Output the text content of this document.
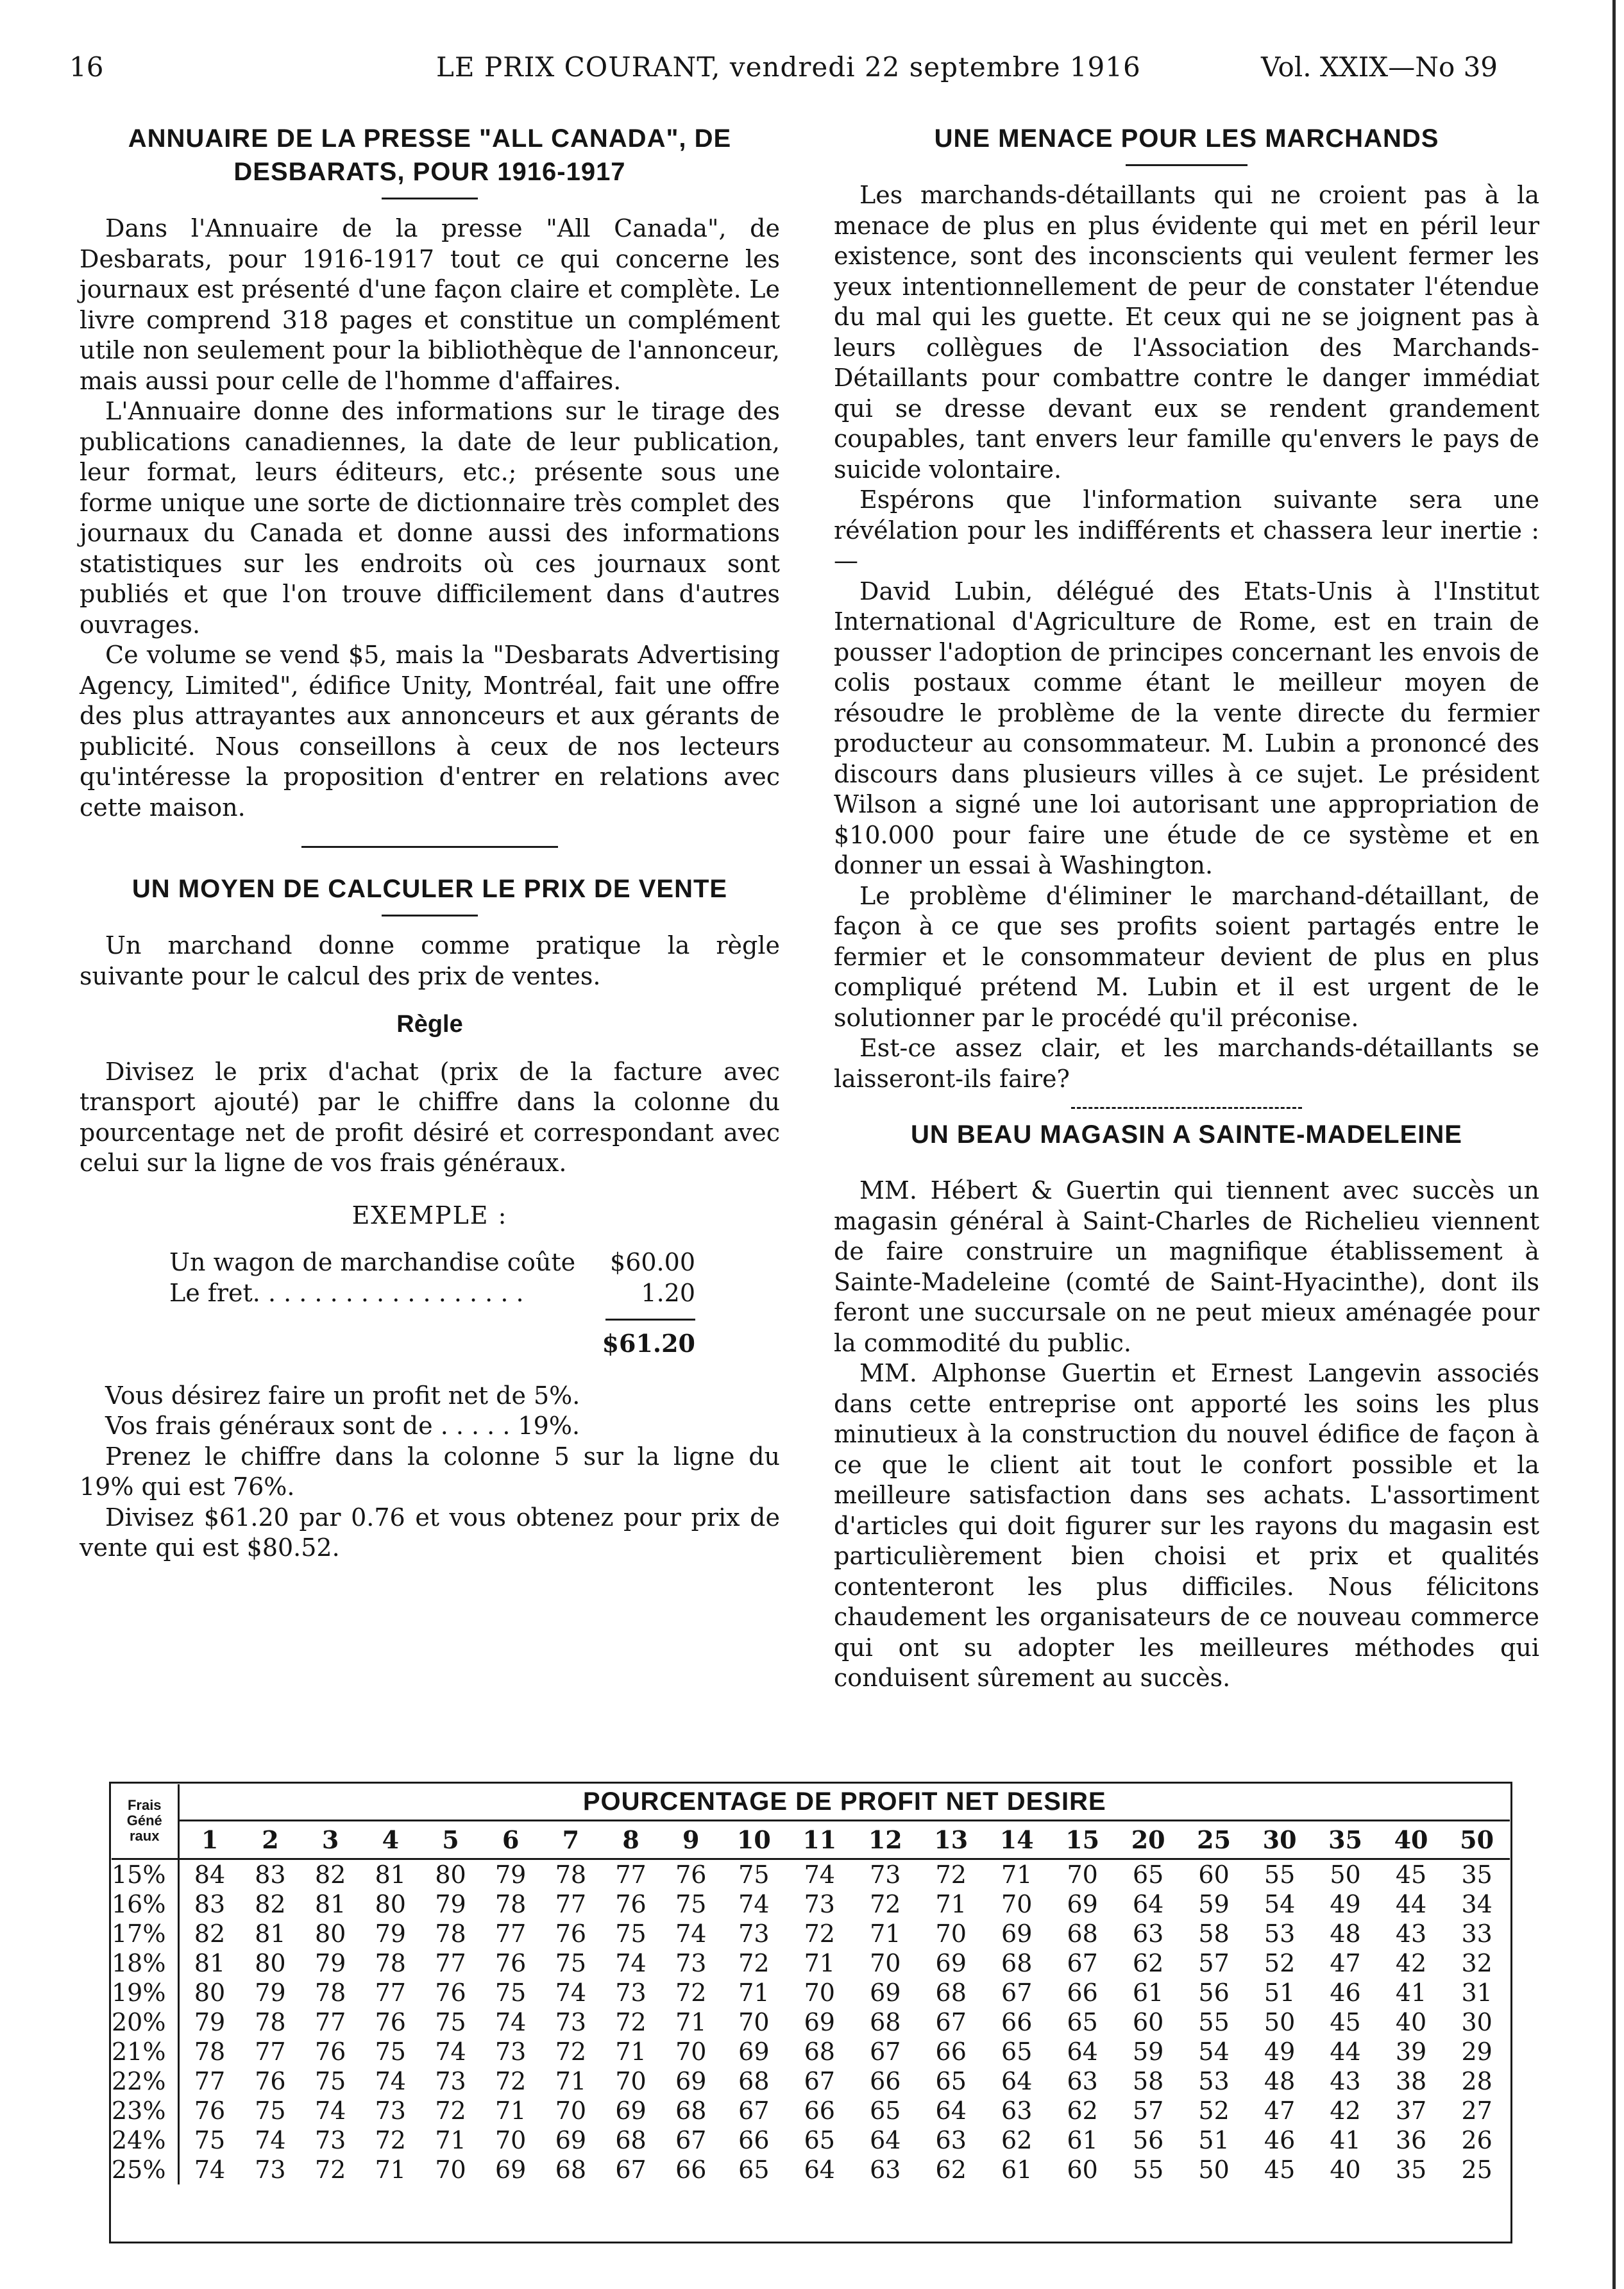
16	LE PRIX COURANT, vendredi 22 septembre 1916	Vol. XXIX—No 39
ANNUAIRE DE LA PRESSE "ALL CANADA", DE
DESBARATS, POUR 1916-1917

Dans l'Annuaire de la presse "All Canada", de Desbarats, pour 1916-1917 tout ce qui concerne les journaux est présenté d'une façon claire et complète. Le livre comprend 318 pages et constitue un complément utile non seulement pour la bibliothèque de l'annonceur, mais aussi pour celle de l'homme d'affaires.

L'Annuaire donne des informations sur le tirage des publications canadiennes, la date de leur publication, leur format, leurs éditeurs, etc.; présente sous une forme unique une sorte de dictionnaire très complet des journaux du Canada et donne aussi des informations statistiques sur les endroits où ces journaux sont publiés et que l'on trouve difficilement dans d'autres ouvrages.

Ce volume se vend $5, mais la "Desbarats Advertising Agency, Limited", édifice Unity, Montréal, fait une offre des plus attrayantes aux annonceurs et aux gérants de publicité. Nous conseillons à ceux de nos lecteurs qu'intéresse la proposition d'entrer en relations avec cette maison.

UN MOYEN DE CALCULER LE PRIX DE VENTE

Un marchand donne comme pratique la règle suivante pour le calcul des prix de ventes.

Règle

Divisez le prix d'achat (prix de la facture avec transport ajouté) par le chiffre dans la colonne du pourcentage net de profit désiré et correspondant avec celui sur la ligne de vos frais généraux.

EXEMPLE :
Un wagon de marchandise coûte $60.00
Le fret. . . . . . . . . . . . . . . . . .	1.20
$61.20

Vous désirez faire un profit net de 5%.

Vos frais généraux sont de . . . . . 19%.

Prenez le chiffre dans la colonne 5 sur la ligne du 19% qui est 76%.

Divisez $61.20 par 0.76 et vous obtenez pour prix de vente qui est $80.52.

UNE MENACE POUR LES MARCHANDS

Les marchands-détaillants qui ne croient pas à la menace de plus en plus évidente qui met en péril leur existence, sont des inconscients qui veulent fermer les yeux intentionnellement de peur de constater l'étendue du mal qui les guette. Et ceux qui ne se joignent pas à leurs collègues de l'Association des Marchands-Détaillants pour combattre contre le danger immédiat qui se dresse devant eux se rendent grandement coupables, tant envers leur famille qu'envers le pays de suicide volontaire.

Espérons que l'information suivante sera une révélation pour les indifférents et chassera leur inertie :—

David Lubin, délégué des Etats-Unis à l'Institut International d'Agriculture de Rome, est en train de pousser l'adoption de principes concernant les envois de colis postaux comme étant le meilleur moyen de résoudre le problème de la vente directe du fermier producteur au consommateur. M. Lubin a prononcé des discours dans plusieurs villes à ce sujet. Le président Wilson a signé une loi autorisant une appropriation de $10.000 pour faire une étude de ce système et en donner un essai à Washington.

Le problème d'éliminer le marchand-détaillant, de façon à ce que ses profits soient partagés entre le fermier et le consommateur devient de plus en plus compliqué prétend M. Lubin et il est urgent de le solutionner par le procédé qu'il préconise.

Est-ce assez clair, et les marchands-détaillants se laisseront-ils faire?

UN BEAU MAGASIN A SAINTE-MADELEINE

MM. Hébert & Guertin qui tiennent avec succès un magasin général à Saint-Charles de Richelieu viennent de faire construire un magnifique établissement à Sainte-Madeleine (comté de Saint-Hyacinthe), dont ils feront une succursale on ne peut mieux aménagée pour la commodité du public.

MM. Alphonse Guertin et Ernest Langevin associés dans cette entreprise ont apporté les soins les plus minutieux à la construction du nouvel édifice de façon à ce que le client ait tout le confort possible et la meilleure satisfaction dans ses achats. L'assortiment d'articles qui doit figurer sur les rayons du magasin est particulièrement bien choisi et prix et qualités contenteront les plus difficiles. Nous félicitons chaudement les organisateurs de ce nouveau commerce qui ont su adopter les meilleures méthodes qui conduisent sûrement au succès.

Frais
Géné
raux	POURCENTAGE DE PROFIT NET DESIRE																				
	1	2	3	4	5	6	7	8	9	10	11	12	13	14	15	20	25	30	35	40	50
15%	84	83	82	81	80	79	78	77	76	75	74	73	72	71	70	65	60	55	50	45	35
16%	83	82	81	80	79	78	77	76	75	74	73	72	71	70	69	64	59	54	49	44	34
17%	82	81	80	79	78	77	76	75	74	73	72	71	70	69	68	63	58	53	48	43	33
18%	81	80	79	78	77	76	75	74	73	72	71	70	69	68	67	62	57	52	47	42	32
19%	80	79	78	77	76	75	74	73	72	71	70	69	68	67	66	61	56	51	46	41	31
20%	79	78	77	76	75	74	73	72	71	70	69	68	67	66	65	60	55	50	45	40	30
21%	78	77	76	75	74	73	72	71	70	69	68	67	66	65	64	59	54	49	44	39	29
22%	77	76	75	74	73	72	71	70	69	68	67	66	65	64	63	58	53	48	43	38	28
23%	76	75	74	73	72	71	70	69	68	67	66	65	64	63	62	57	52	47	42	37	27
24%	75	74	73	72	71	70	69	68	67	66	65	64	63	62	61	56	51	46	41	36	26
25%	74	73	72	71	70	69	68	67	66	65	64	63	62	61	60	55	50	45	40	35	25
